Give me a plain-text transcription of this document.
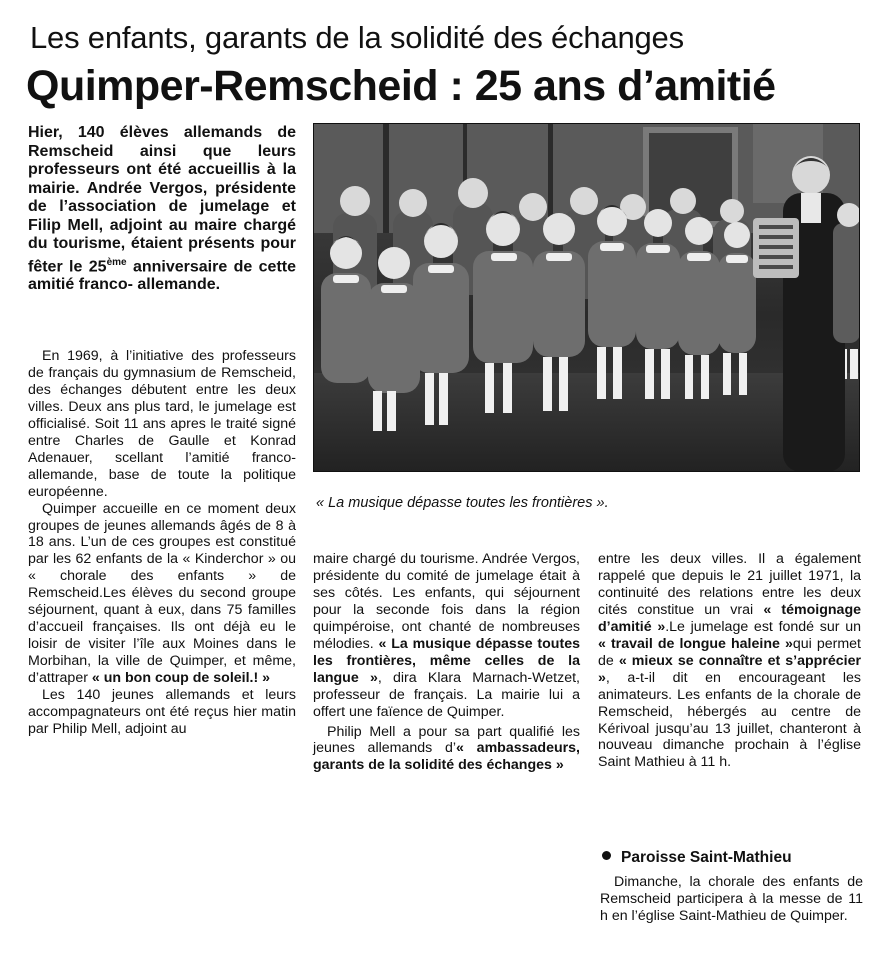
Les enfants, garants de la solidité des échanges
Quimper-Remscheid : 25 ans d’amitié
Hier, 140 élèves allemands de Remscheid ainsi que leurs professeurs ont été accueillis à la mairie. Andrée Vergos, présidente de l’association de jumelage et Filip Mell, adjoint au maire chargé du tourisme, étaient présents pour fêter le 25ème anniversaire de cette amitié franco- allemande.
« La musique dépasse toutes les frontières ».

En 1969, à l’initiative des professeurs de français du gymnasium de Remscheid, des échanges débutent entre les deux villes. Deux ans plus tard, le jumelage est officialisé. Soit 11 ans apres le traité signé entre Charles de Gaulle et Konrad Adenauer, scellant l’amitié franco-allemande, base de toute la politique européenne.

Quimper accueille en ce moment deux groupes de jeunes allemands âgés de 8 à 18 ans. L’un de ces groupes est constitué par les 62 enfants de la « Kinderchor » ou « chorale des enfants » de Remscheid.Les élèves du second groupe séjournent, quant à eux, dans 75 familles d’accueil françaises. Ils ont déjà eu le loisir de visiter l’île aux Moines dans le Morbihan, la ville de Quimper, et même, d’attraper « un bon coup de soleil.! »

Les 140 jeunes allemands et leurs accompagnateurs ont été reçus hier matin par Philip Mell, adjoint au

maire chargé du tourisme. Andrée Vergos, présidente du comité de jumelage était à ses côtés. Les enfants, qui séjournent pour la seconde fois dans la région quimpéroise, ont chanté de nombreuses mélodies. « La musique dépasse toutes les frontières, même celles de la langue », dira Klara Marnach-Wetzet, professeur de français. La mairie lui a offert une faïence de Quimper.

Philip Mell a pour sa part qualifié les jeunes allemands d’« ambassadeurs, garants de la solidité des échanges »

entre les deux villes. Il a également rappelé que depuis le 21 juillet 1971, la continuité des relations entre les deux cités constitue un vrai « témoignage d’amitié ».Le jumelage est fondé sur un « travail de longue haleine »qui permet de « mieux se connaître et s’apprécier », a-t-il dit en encourageant les animateurs. Les enfants de la chorale de Remscheid, hébergés au centre de Kérivoal jusqu’au 13 juillet, chanteront à nouveau dimanche prochain à l’église Saint Mathieu à 11 h.

Paroisse Saint-Mathieu

Dimanche, la chorale des enfants de Remscheid participera à la messe de 11 h en l’église Saint-Mathieu de Quimper.
